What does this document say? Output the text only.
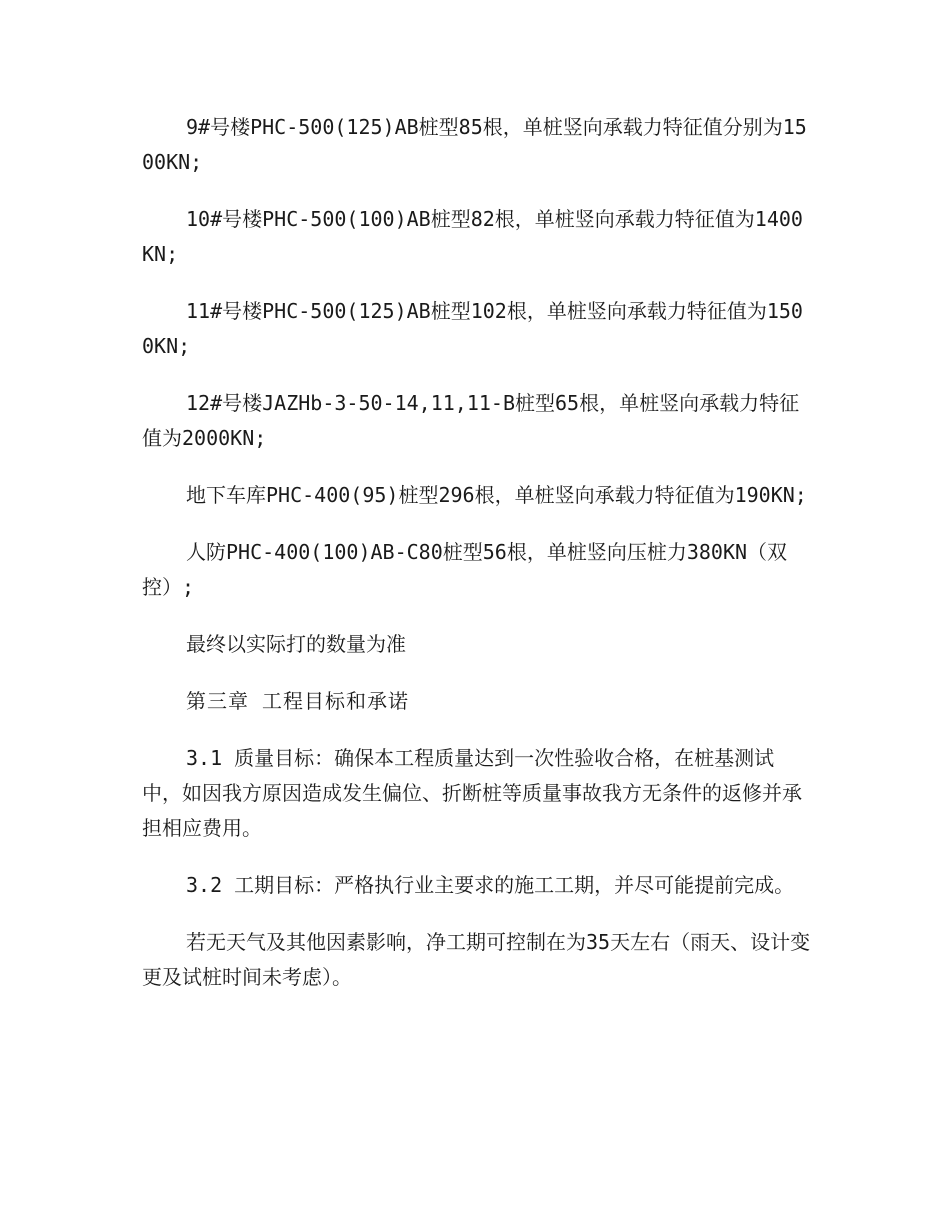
9#号楼PHC-500(125)AB桩型85根，单桩竖向承载力特征值分别为1500KN;

10#号楼PHC-500(100)AB桩型82根，单桩竖向承载力特征值为1400KN;

11#号楼PHC-500(125)AB桩型102根，单桩竖向承载力特征值为1500KN;

12#号楼JAZHb-3-50-14,11,11-B桩型65根，单桩竖向承载力特征值为2000KN;

地下车库PHC-400(95)桩型296根，单桩竖向承载力特征值为190KN;

人防PHC-400(100)AB-C80桩型56根，单桩竖向压桩力380KN（双控）;

最终以实际打的数量为准

第三章 工程目标和承诺

3.1 质量目标：确保本工程质量达到一次性验收合格，在桩基测试中，如因我方原因造成发生偏位、折断桩等质量事故我方无条件的返修并承担相应费用。

3.2 工期目标：严格执行业主要求的施工工期，并尽可能提前完成。

若无天气及其他因素影响，净工期可控制在为35天左右（雨天、设计变更及试桩时间未考虑）。
